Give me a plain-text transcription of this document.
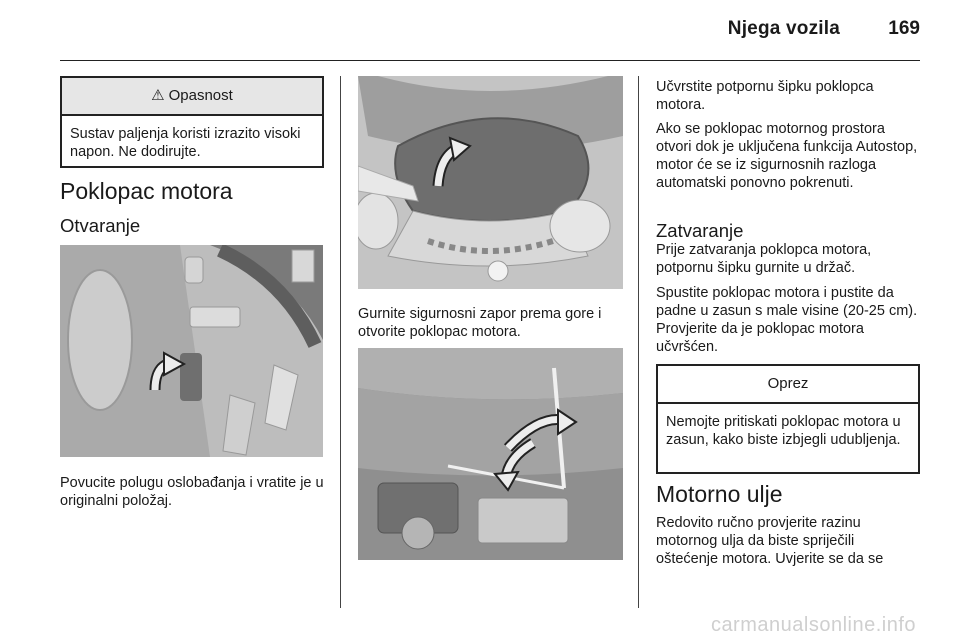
Njega vozila	169
⚠ Opasnost
Sustav paljenja koristi izrazito visoki napon. Ne dodirujte.
Poklopac motora
Otvaranje
Povucite polugu oslobađanja i vratite je u originalni položaj.
Gurnite sigurnosni zapor prema gore i otvorite poklopac motora.
Učvrstite potpornu šipku poklopca motora.
Ako se poklopac motornog prostora otvori dok je uključena funkcija Autostop, motor će se iz sigurnosnih razloga automatski ponovno pokrenuti.
Zatvaranje
Prije zatvaranja poklopca motora, potpornu šipku gurnite u držač.
Spustite poklopac motora i pustite da padne u zasun s male visine (20-25 cm). Provjerite da je poklopac motora učvršćen.
Oprez
Nemojte pritiskati poklopac motora u zasun, kako biste izbjegli udubljenja.
Motorno ulje
Redovito ručno provjerite razinu motornog ulja da biste spriječili oštećenje motora. Uvjerite se da se
carmanualsonline.info
